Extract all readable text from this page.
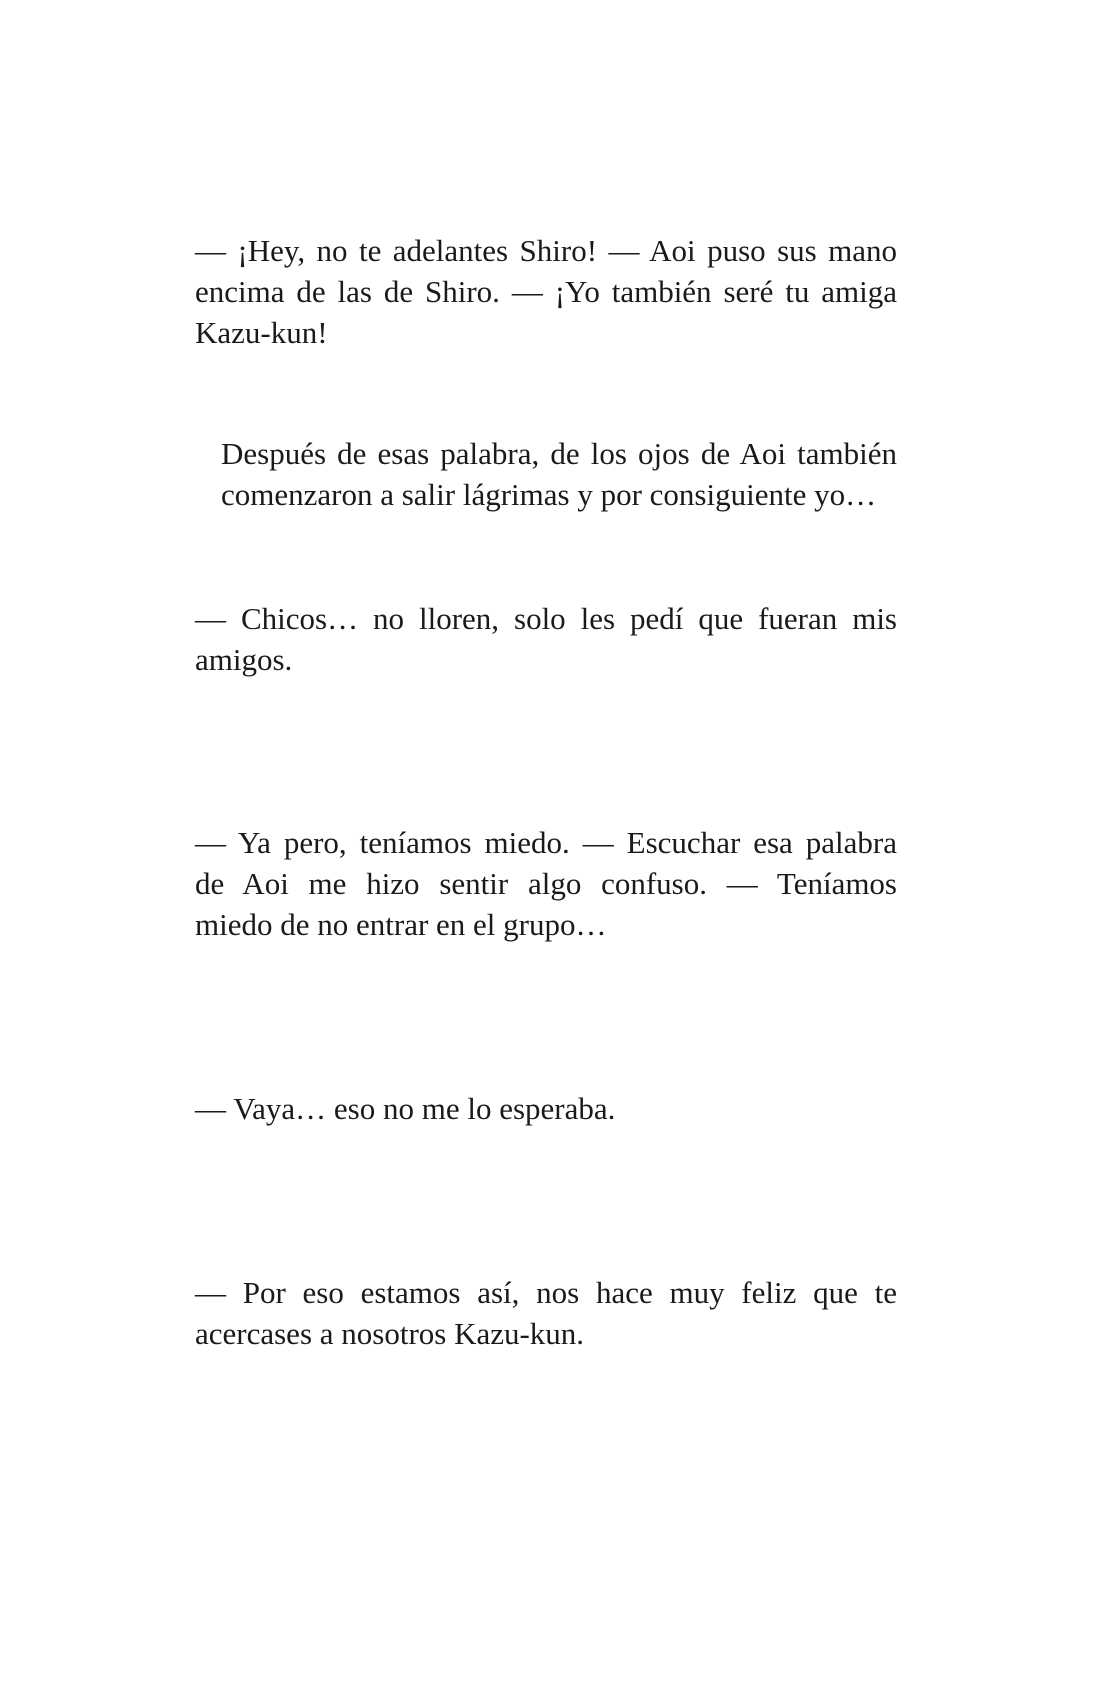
— ¡Hey, no te adelantes Shiro! — Aoi puso sus mano
encima de las de Shiro. — ¡Yo también seré tu amiga
Kazu-kun!

Después de esas palabra, de los ojos de Aoi también
comenzaron a salir lágrimas y por consiguiente yo…

— Chicos… no lloren, solo les pedí que fueran mis
amigos.

— Ya pero, teníamos miedo. — Escuchar esa palabra
de Aoi me hizo sentir algo confuso. — Teníamos
miedo de no entrar en el grupo…

— Vaya… eso no me lo esperaba.

— Por eso estamos así, nos hace muy feliz que te
acercases a nosotros Kazu-kun.
